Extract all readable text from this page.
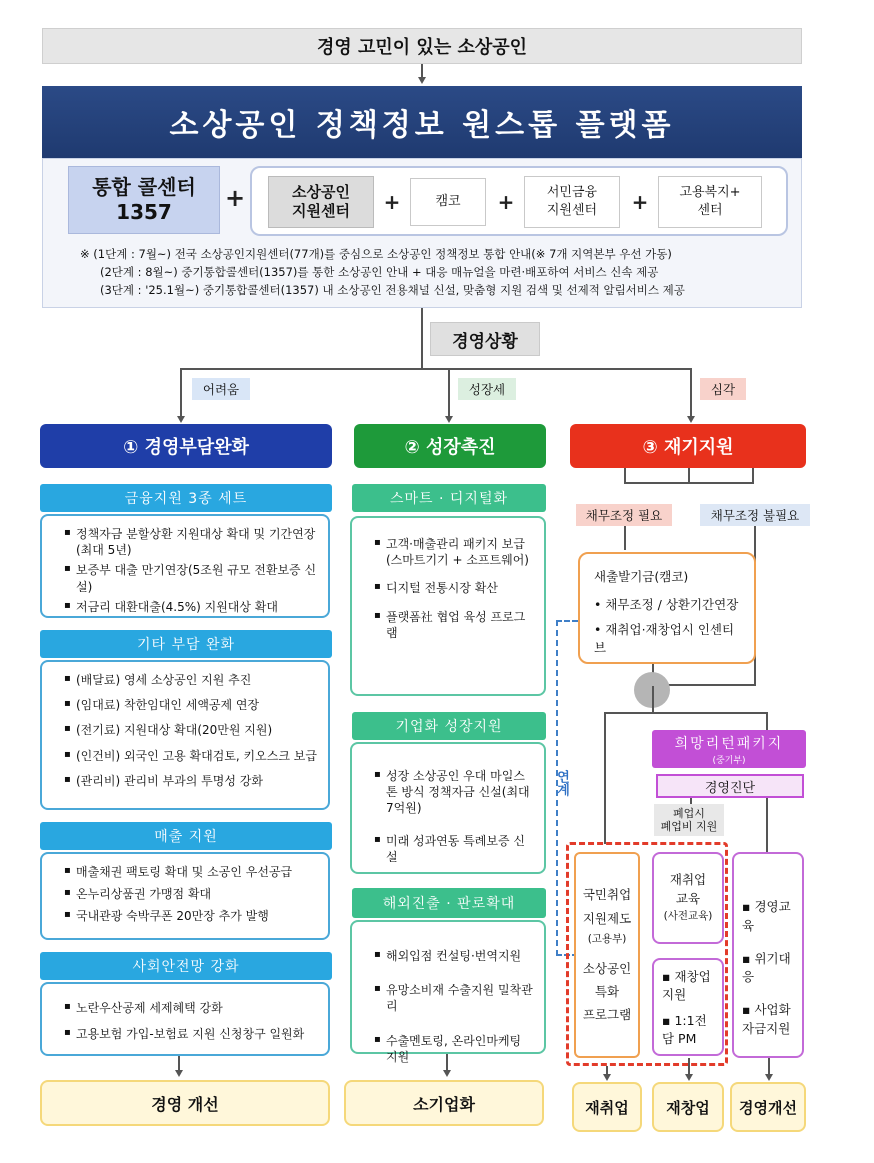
경영 고민이 있는 소상공인
소상공인 정책정보 원스톱 플랫폼
통합 콜센터
1357 +	소상공인
지원센터 +	캠코 +	서민금융
지원센터 +	고용복지+
센터
※ (1단계 : 7월~) 전국 소상공인지원센터(77개)를 중심으로 소상공인 정책정보 통합 안내(※ 7개 지역본부 우선 가동)
(2단계 : 8월~) 중기통합콜센터(1357)를 통한 소상공인 안내 + 대응 매뉴얼을 마련·배포하여 서비스 신속 제공
(3단계 : '25.1월~) 중기통합콜센터(1357) 내 소상공인 전용채널 신설, 맞춤형 지원 검색 및 선제적 알림서비스 제공
경영상황
어려움	성장세	심각
① 경영부담완화	② 성장촉진	③ 재기지원
금융지원 3종 세트
▪ 정책자금 분할상환 지원대상 확대 및 기간연장(최대 5년)
▪ 보증부 대출 만기연장(5조원 규모 전환보증 신설)
▪ 저금리 대환대출(4.5%) 지원대상 확대
기타 부담 완화
▪ (배달료) 영세 소상공인 지원 추진
▪ (임대료) 착한임대인 세액공제 연장
▪ (전기료) 지원대상 확대(20만원 지원)
▪ (인건비) 외국인 고용 확대검토, 키오스크 보급
▪ (관리비) 관리비 부과의 투명성 강화
매출 지원
▪ 매출채권 팩토링 확대 및 소공인 우선공급
▪ 온누리상품권 가맹점 확대
▪ 국내관광 숙박쿠폰 20만장 추가 발행
사회안전망 강화
▪ 노란우산공제 세제혜택 강화
▪ 고용보험 가입-보험료 지원 신청창구 일원화
경영 개선
스마트 · 디지털화
▪ 고객·매출관리 패키지 보급 (스마트기기 + 소프트웨어)
▪ 디지털 전통시장 확산
▪ 플랫폼社 협업 육성 프로그램
기업화 성장지원
▪ 성장 소상공인 우대 마일스톤 방식 정책자금 신설(최대 7억원)
▪ 미래 성과연동 특례보증 신설
해외진출 · 판로확대
▪ 해외입점 컨설팅·번역지원
▪ 유망소비재 수출지원 밀착관리
▪ 수출멘토링, 온라인마케팅 지원
소기업화
채무조정 필요	채무조정 불필요
새출발기금(캠코)
• 채무조정 / 상환기간연장
• 재취업·재창업시 인센티브
연계
희망리턴패키지
(중기부)
경영진단
폐업시
폐업비 지원
국민취업
지원제도
(고용부)
소상공인
특화
프로그램
재취업
교육
(사전교육)
▪ 재창업 지원
▪ 1:1전담 PM
▪ 경영교육
▪ 위기대응
▪ 사업화 자금지원
재취업	재창업	경영개선
